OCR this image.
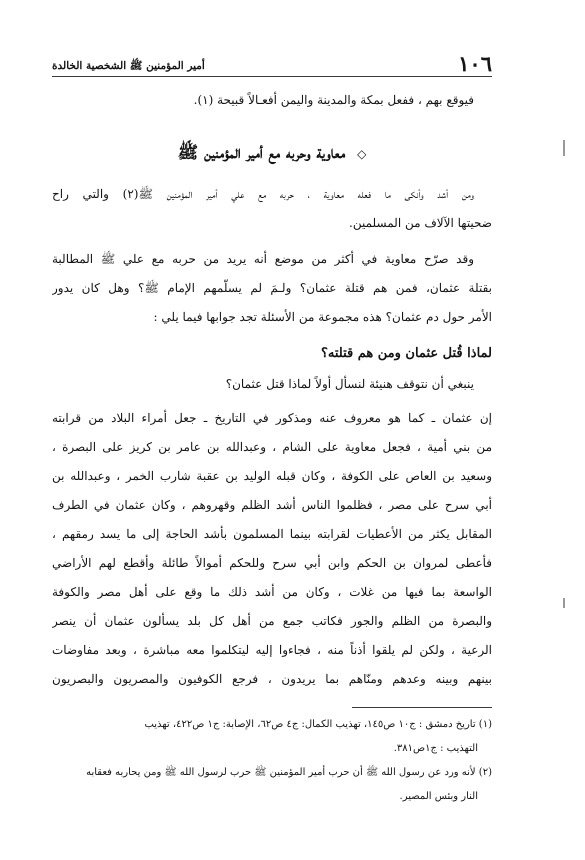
١٠٦
أمير المؤمنين ﷺ الشخصية الخالدة
فيوقع بهم ، ففعل بمكة والمدينة واليمن أفعـالاً قبيحة (١).
◇ معاوية وحربه مع أمير المؤمنين ﷺ
ومن أشد وأنكى ما فعله معاوية ، حربه مع علي أمير المؤمنين ﷺ(٢) والتي راح
ضحيتها الآلاف من المسلمين.
وقد صرّح معاوية في أكثر من موضع أنه يريد من حربه مع علي ﷺ المطالبة
بقتلة عثمان، فمن هم قتلة عثمان؟ ولـمَ لم يسلّمهم الإمام ﷺ؟ وهل كان يدور
الأمر حول دم عثمان؟ هذه مجموعة من الأسئلة تجد جوابها فيما يلي :
لماذا قُتل عثمان ومن هم قتلته؟
ينبغي أن نتوقف هنيئة لنسأل أولاً لماذا قتل عثمان؟
إن عثمان ـ كما هو معروف عنه ومذكور في التاريخ ـ جعل أمراء البلاد من قرابته
من بني أمية ، فجعل معاوية على الشام ، وعبدالله بن عامر بن كريز على البصرة ،
وسعيد بن العاص على الكوفة ، وكان قبله الوليد بن عقبة شارب الخمر ، وعبدالله بن
أبي سرح على مصر ، فظلموا الناس أشد الظلم وقهروهم ، وكان عثمان في الطرف
المقابل يكثر من الأعطيات لقرابته بينما المسلمون بأشد الحاجة إلى ما يسد رمقهم ،
فأعطى لمروان بن الحكم وابن أبي سرح وللحكم أموالاً طائلة وأقطع لهم الأراضي
الواسعة بما فيها من غلات ، وكان من أشد ذلك ما وقع على أهل مصر والكوفة
والبصرة من الظلم والجور فكاتب جمع من أهل كل بلد يسألون عثمان أن ينصر
الرعية ، ولكن لم يلقوا أذناً منه ، فجاءوا إليه ليتكلموا معه مباشرة ، وبعد مفاوضات
بينهم وبينه وعدهم ومنّاهم بما يريدون ، فرجع الكوفيون والمصريون والبصريون
(١) تاريخ دمشق : ج١٠ ص١٤٥، تهذيب الكمال: ج٤ ص٦٢، الإصابة: ج١ ص٤٢٢، تهذيب
التهذيب : ج١ص٣٨١.
(٢) لأنه ورد عن رسول الله ﷺ أن حرب أمير المؤمنين ﷺ حرب لرسول الله ﷺ ومن يحاربه فعقابه
النار وبئس المصير.
